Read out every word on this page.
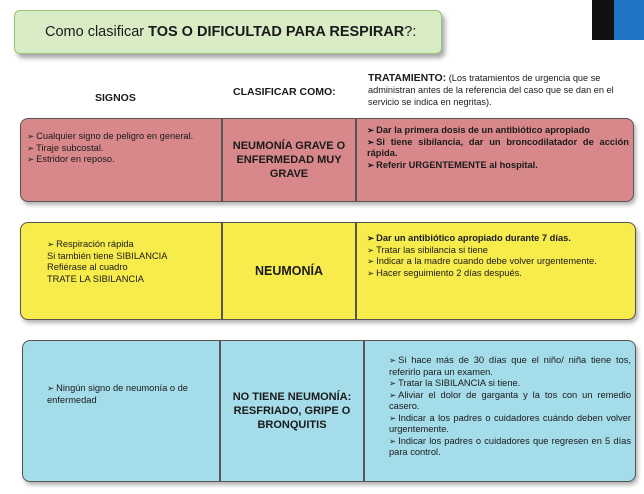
Como clasificar TOS O DIFICULTAD PARA RESPIRAR ?:
SIGNOS	CLASIFICAR COMO:
TRATAMIENTO: (Los tratamientos de urgencia que se administran antes de la referencia del caso que se dan en el servicio se indica en negritas).
➢ Cualquier signo de peligro en general.
➢ Tiraje subcostal.
➢ Estridor en reposo.
NEUMONÍA GRAVE O ENFERMEDAD MUY GRAVE
➢ Dar la primera dosis de un antibiótico apropiado
➢ Si tiene sibilancia, dar un broncodilatador de acción rápida.
➢ Referir URGENTEMENTE al hospital.
➢ Respiración rápida
Si también tiene SIBILANCIA
Refiérase al cuadro
TRATE LA SIBILANCIA
NEUMONÍA
➢ Dar un antibiótico apropiado durante 7 días.
➢ Tratar las sibilancia si tiene
➢ Indicar a la madre cuando debe volver urgentemente.
➢ Hacer seguimiento 2 días después.
➢ Ningún signo de neumonía o de enfermedad	NO TIENE NEUMONÍA: RESFRIADO, GRIPE O BRONQUITIS
➢ Si hace más de 30 días que el niño/ niña tiene tos, referirlo para un examen.
➢ Tratar la SIBILANCIA si tiene.
➢ Aliviar el dolor de garganta y la tos con un remedio casero.
➢ Indicar a los padres o cuidadores cuándo deben volver urgentemente.
➢ Indicar los padres o cuidadores que regresen en 5 días para control.
